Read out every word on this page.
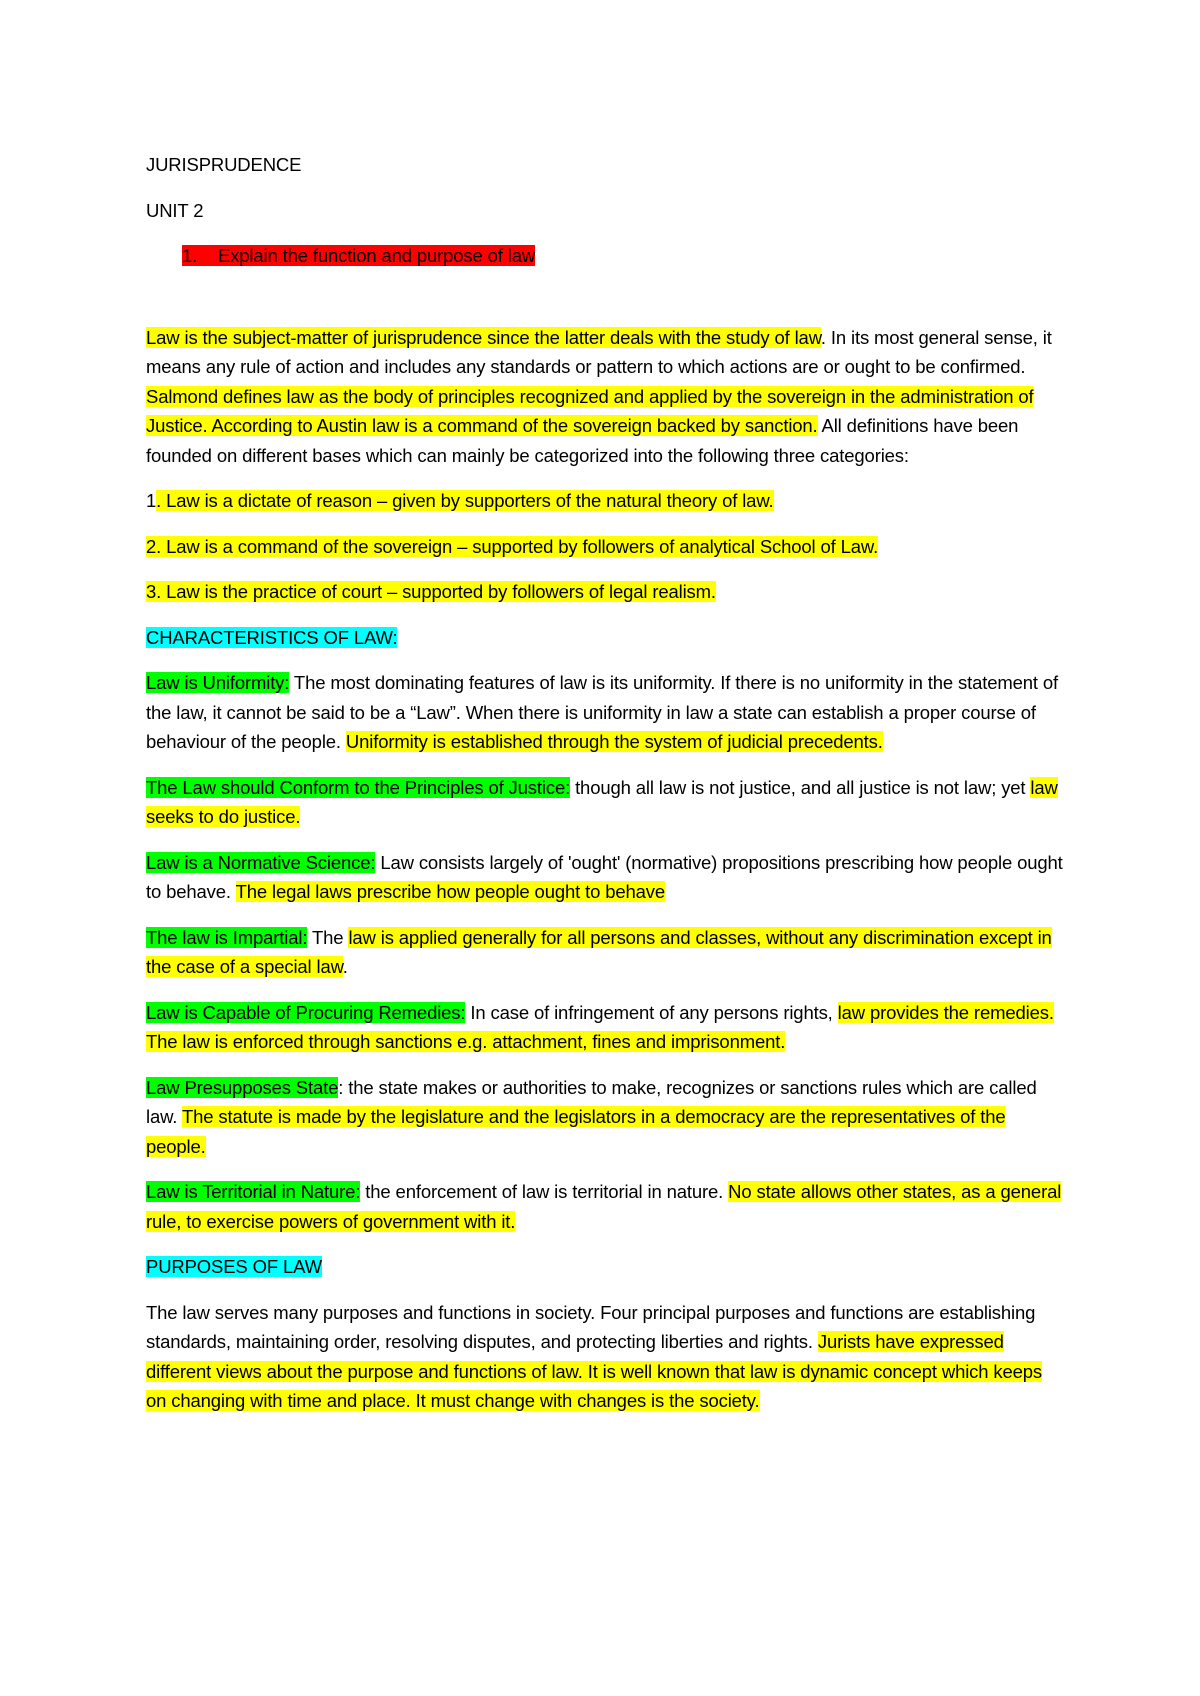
JURISPRUDENCE

UNIT 2

1. Explain the function and purpose of law

Law is the subject-matter of jurisprudence since the latter deals with the study of law. In its most general sense, it means any rule of action and includes any standards or pattern to which actions are or ought to be confirmed. Salmond defines law as the body of principles recognized and applied by the sovereign in the administration of Justice. According to Austin law is a command of the sovereign backed by sanction. All definitions have been founded on different bases which can mainly be categorized into the following three categories:

1. Law is a dictate of reason – given by supporters of the natural theory of law.

2. Law is a command of the sovereign – supported by followers of analytical School of Law.

3. Law is the practice of court – supported by followers of legal realism.

CHARACTERISTICS OF LAW:

Law is Uniformity: The most dominating features of law is its uniformity. If there is no uniformity in the statement of the law, it cannot be said to be a “Law”. When there is uniformity in law a state can establish a proper course of behaviour of the people. Uniformity is established through the system of judicial precedents.

The Law should Conform to the Principles of Justice: though all law is not justice, and all justice is not law; yet law seeks to do justice.

Law is a Normative Science: Law consists largely of 'ought' (normative) propositions prescribing how people ought to behave. The legal laws prescribe how people ought to behave

The law is Impartial: The law is applied generally for all persons and classes, without any discrimination except in the case of a special law.

Law is Capable of Procuring Remedies: In case of infringement of any persons rights, law provides the remedies. The law is enforced through sanctions e.g. attachment, fines and imprisonment.

Law Presupposes State: the state makes or authorities to make, recognizes or sanctions rules which are called law. The statute is made by the legislature and the legislators in a democracy are the representatives of the people.

Law is Territorial in Nature: the enforcement of law is territorial in nature. No state allows other states, as a general rule, to exercise powers of government with it.

PURPOSES OF LAW

The law serves many purposes and functions in society. Four principal purposes and functions are establishing standards, maintaining order, resolving disputes, and protecting liberties and rights. Jurists have expressed different views about the purpose and functions of law. It is well known that law is dynamic concept which keeps on changing with time and place. It must change with changes is the society.
